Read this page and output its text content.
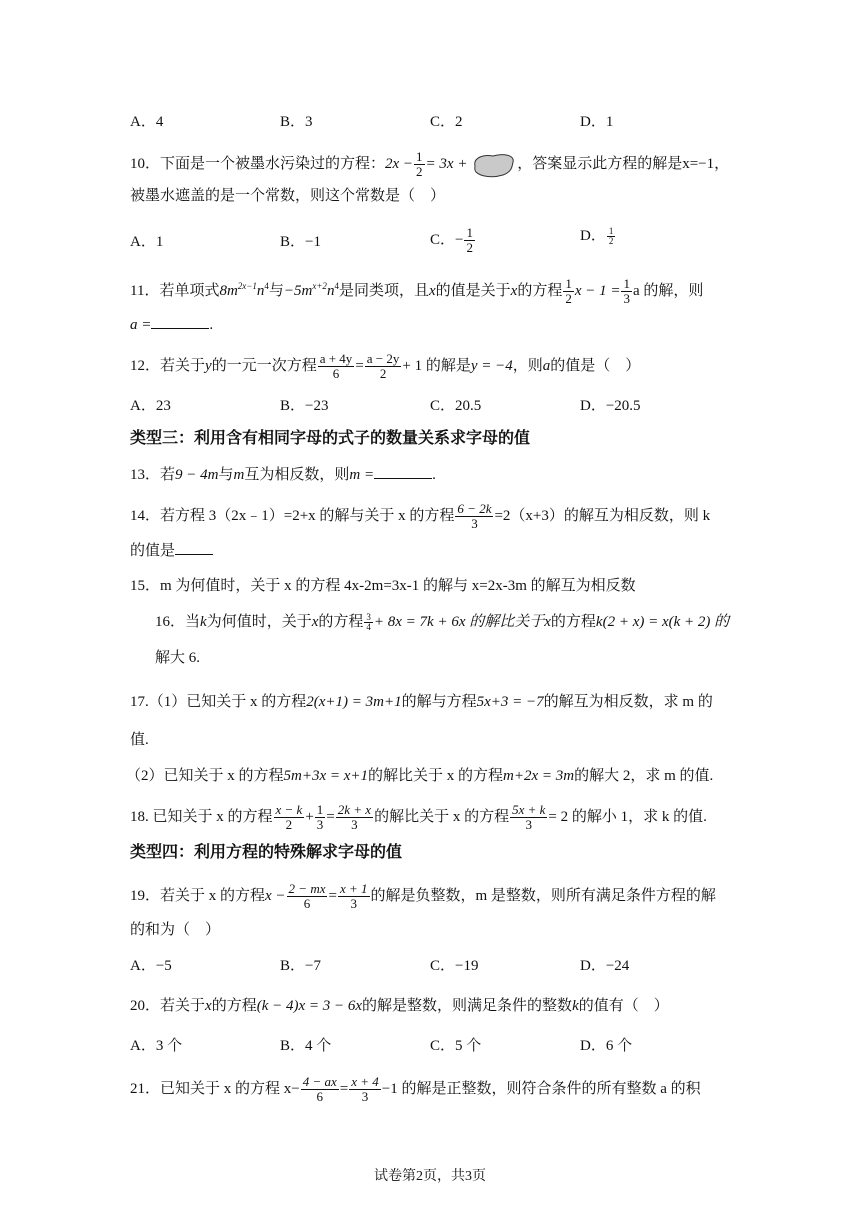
A．4	B．3	C．2	D．1
10．下面是一个被墨水污染过的方程：$2x - \frac{1}{2} = 3x$ +	，答案显示此方程的解是x=−1，
被墨水遮盖的是一个常数，则这个常数是（　）
A．1	B．−1	C．− $\frac{1}{2}$	D． $\frac{1}{2}$
11．若单项式$8m^{2x-1}n^4$与$-5m^{x+2}n^4$是同类项，且x的值是关于x的方程 $\frac{1}{2}$ $x - 1 = \frac{1}{3}$ a 的解，则
a =	.
12．若关于y的一元一次方程 $\frac{a + 4y}{6} = \frac{a - 2y}{2} + 1$ 的解是y = −4，则a的值是（　）
A．23	B．−23	C．20.5	D．−20.5
类型三：利用含有相同字母的式子的数量关系求字母的值
13．若9 − 4m与m互为相反数，则m =	.
14．若方程 3（2x﹣1）=2+x 的解与关于 x 的方程 $\frac{6 - 2k}{3} =2(x+3)$的解互为相反数，则 k
的值是
15．m 为何值时，关于 x 的方程 4x-2m=3x-1 的解与 x=2x-3m 的解互为相反数
16．当k为何值时，关于x的方程 $\frac{3}{4} + 8x = 7k + 6x$ 的解比关于x的方程k(2 + x) = x(k + 2) 的
解大 6.
17.（1）已知关于 x 的方程2(x+1) = 3m+1的解与方程5x+3 = −7的解互为相反数，求 m 的
值.
（2）已知关于 x 的方程5m+3x = x+1的解比关于 x 的方程m+2x = 3m的解大 2，求 m 的值.
18. 已知关于 x 的方程 $\frac{x - k}{2} + \frac{1}{3} = \frac{2k + x}{3}$ 的解比关于 x 的方程 $\frac{5x + k}{3} = 2$ 的解小 1，求 k 的值.
类型四：利用方程的特殊解求字母的值
19．若关于 x 的方程$x - \frac{2 - mx}{6} = \frac{x + 1}{3}$ 的解是负整数，m 是整数，则所有满足条件方程的解
的和为（　）
A．−5	B．−7	C．−19	D．−24
20．若关于x的方程(k − 4)x = 3 − 6x的解是整数，则满足条件的整数k的值有（　）
A．3 个	B．4 个	C．5 个	D．6 个
21．已知关于 x 的方程 $x- \frac{4 - ax}{6} = \frac{x + 4}{3} -1$ 的解是正整数，则符合条件的所有整数 a 的积
试卷第2页，共3页
